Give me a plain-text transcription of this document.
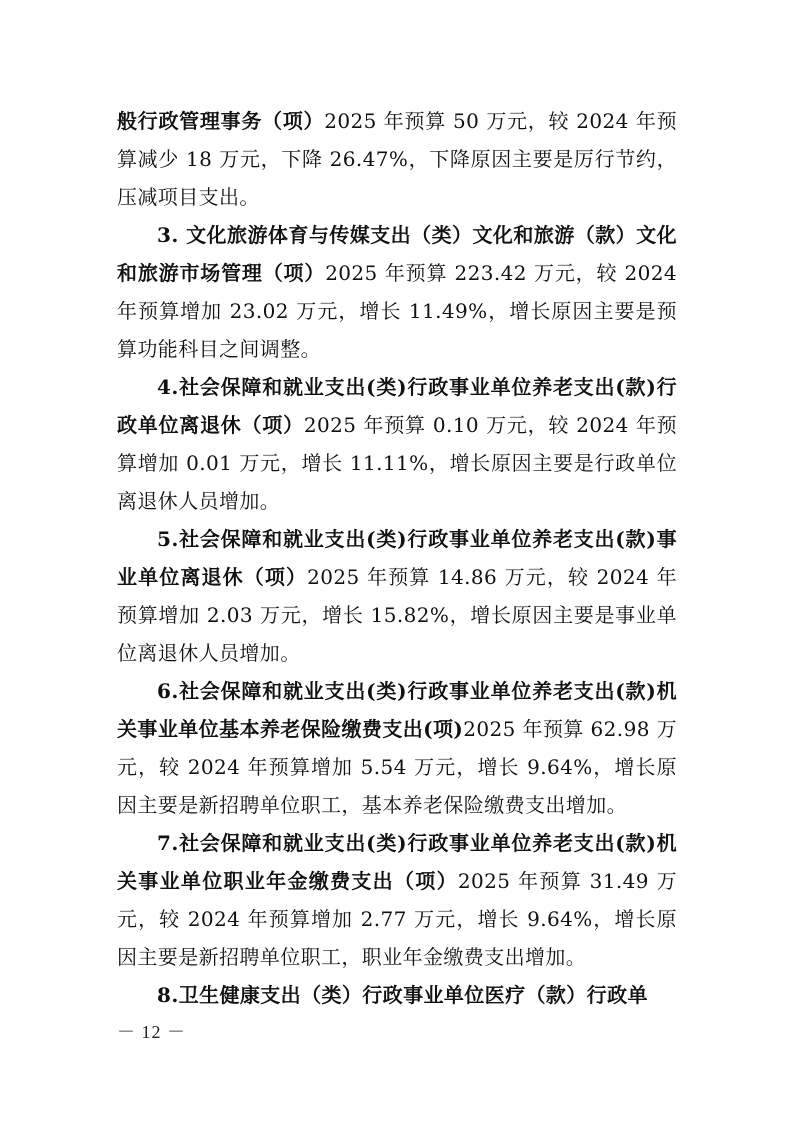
般行政管理事务（项）2025 年预算 50 万元，较 2024 年预算减少 18 万元，下降 26.47%，下降原因主要是厉行节约，压减项目支出。

3. 文化旅游体育与传媒支出（类）文化和旅游（款）文化和旅游市场管理（项）2025 年预算 223.42 万元，较 2024 年预算增加 23.02 万元，增长 11.49%，增长原因主要是预算功能科目之间调整。

4.社会保障和就业支出(类)行政事业单位养老支出(款)行政单位离退休（项）2025 年预算 0.10 万元，较 2024 年预算增加 0.01 万元，增长 11.11%，增长原因主要是行政单位离退休人员增加。

5.社会保障和就业支出(类)行政事业单位养老支出(款)事业单位离退休（项）2025 年预算 14.86 万元，较 2024 年预算增加 2.03 万元，增长 15.82%，增长原因主要是事业单位离退休人员增加。

6.社会保障和就业支出(类)行政事业单位养老支出(款)机关事业单位基本养老保险缴费支出(项)2025 年预算 62.98 万元，较 2024 年预算增加 5.54 万元，增长 9.64%，增长原因主要是新招聘单位职工，基本养老保险缴费支出增加。

7.社会保障和就业支出(类)行政事业单位养老支出(款)机关事业单位职业年金缴费支出（项）2025 年预算 31.49 万元，较 2024 年预算增加 2.77 万元，增长 9.64%，增长原因主要是新招聘单位职工，职业年金缴费支出增加。

8.卫生健康支出（类）行政事业单位医疗（款）行政单

－ 12 －
